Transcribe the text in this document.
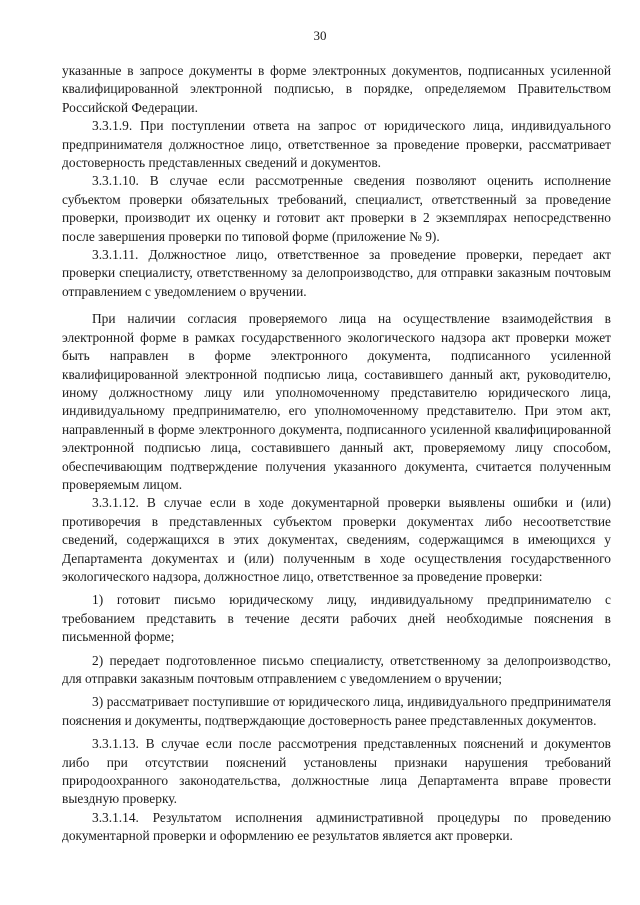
30

указанные в запросе документы в форме электронных документов, подписанных усиленной квалифицированной электронной подписью, в порядке, определяемом Правительством Российской Федерации.

3.3.1.9. При поступлении ответа на запрос от юридического лица, индивидуального предпринимателя должностное лицо, ответственное за проведение проверки, рассматривает достоверность представленных сведений и документов.

3.3.1.10. В случае если рассмотренные сведения позволяют оценить исполнение субъектом проверки обязательных требований, специалист, ответственный за проведение проверки, производит их оценку и готовит акт проверки в 2 экземплярах непосредственно после завершения проверки по типовой форме (приложение № 9).

3.3.1.11. Должностное лицо, ответственное за проведение проверки, передает акт проверки специалисту, ответственному за делопроизводство, для отправки заказным почтовым отправлением с уведомлением о вручении.

При наличии согласия проверяемого лица на осуществление взаимодействия в электронной форме в рамках государственного экологического надзора акт проверки может быть направлен в форме электронного документа, подписанного усиленной квалифицированной электронной подписью лица, составившего данный акт, руководителю, иному должностному лицу или уполномоченному представителю юридического лица, индивидуальному предпринимателю, его уполномоченному представителю. При этом акт, направленный в форме электронного документа, подписанного усиленной квалифицированной электронной подписью лица, составившего данный акт, проверяемому лицу способом, обеспечивающим подтверждение получения указанного документа, считается полученным проверяемым лицом.

3.3.1.12. В случае если в ходе документарной проверки выявлены ошибки и (или) противоречия в представленных субъектом проверки документах либо несоответствие сведений, содержащихся в этих документах, сведениям, содержащимся в имеющихся у Департамента документах и (или) полученным в ходе осуществления государственного экологического надзора, должностное лицо, ответственное за проведение проверки:

1) готовит письмо юридическому лицу, индивидуальному предпринимателю с требованием представить в течение десяти рабочих дней необходимые пояснения в письменной форме;

2) передает подготовленное письмо специалисту, ответственному за делопроизводство, для отправки заказным почтовым отправлением с уведомлением о вручении;

3) рассматривает поступившие от юридического лица, индивидуального предпринимателя пояснения и документы, подтверждающие достоверность ранее представленных документов.

3.3.1.13. В случае если после рассмотрения представленных пояснений и документов либо при отсутствии пояснений установлены признаки нарушения требований природоохранного законодательства, должностные лица Департамента вправе провести выездную проверку.

3.3.1.14. Результатом исполнения административной процедуры по проведению документарной проверки и оформлению ее результатов является акт проверки.
